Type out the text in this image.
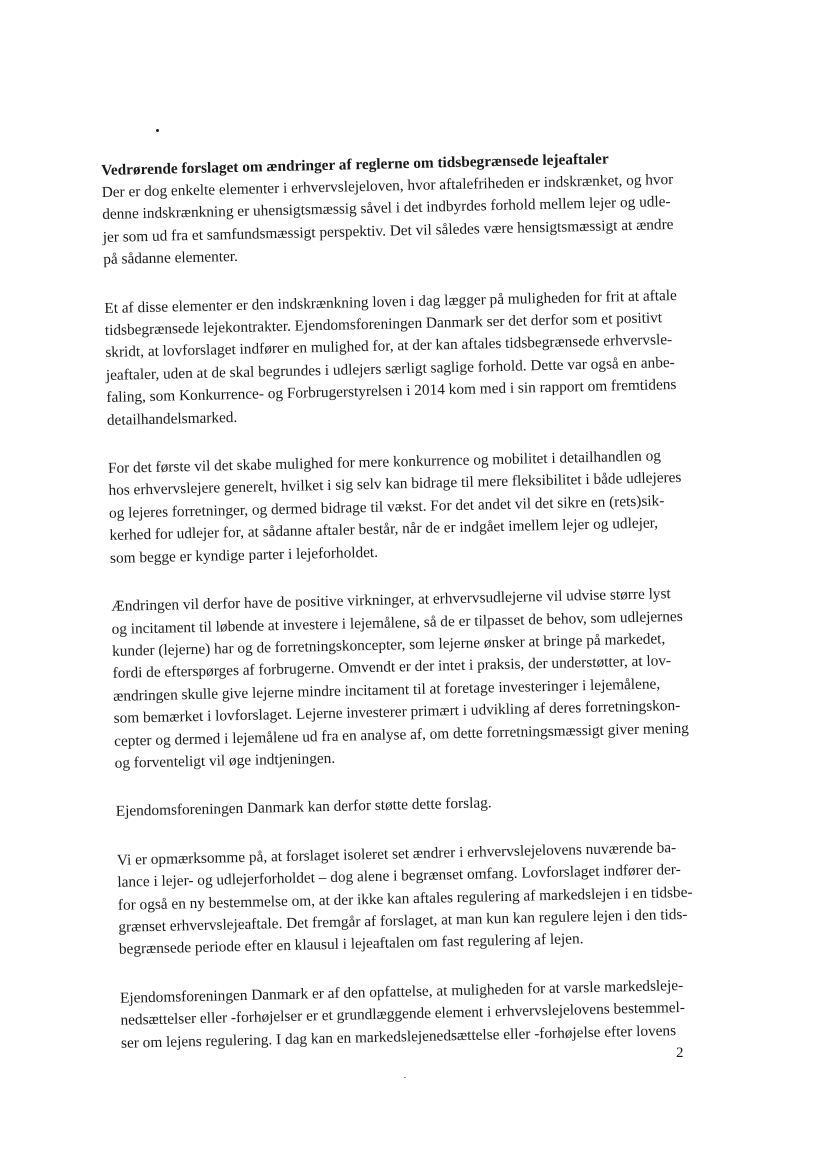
Vedrørende forslaget om ændringer af reglerne om tidsbegrænsede lejeaftaler
Der er dog enkelte elementer i erhvervslejeloven, hvor aftalefriheden er indskrænket, og hvor
denne indskrænkning er uhensigtsmæssig såvel i det indbyrdes forhold mellem lejer og udle-
jer som ud fra et samfundsmæssigt perspektiv. Det vil således være hensigtsmæssigt at ændre
på sådanne elementer.
Et af disse elementer er den indskrænkning loven i dag lægger på muligheden for frit at aftale
tidsbegrænsede lejekontrakter. Ejendomsforeningen Danmark ser det derfor som et positivt
skridt, at lovforslaget indfører en mulighed for, at der kan aftales tidsbegrænsede erhvervsle-
jeaftaler, uden at de skal begrundes i udlejers særligt saglige forhold. Dette var også en anbe-
faling, som Konkurrence- og Forbrugerstyrelsen i 2014 kom med i sin rapport om fremtidens
detailhandelsmarked.
For det første vil det skabe mulighed for mere konkurrence og mobilitet i detailhandlen og
hos erhvervslejere generelt, hvilket i sig selv kan bidrage til mere fleksibilitet i både udlejeres
og lejeres forretninger, og dermed bidrage til vækst. For det andet vil det sikre en (rets)sik-
kerhed for udlejer for, at sådanne aftaler består, når de er indgået imellem lejer og udlejer,
som begge er kyndige parter i lejeforholdet.
Ændringen vil derfor have de positive virkninger, at erhvervsudlejerne vil udvise større lyst
og incitament til løbende at investere i lejemålene, så de er tilpasset de behov, som udlejernes
kunder (lejerne) har og de forretningskoncepter, som lejerne ønsker at bringe på markedet,
fordi de efterspørges af forbrugerne. Omvendt er der intet i praksis, der understøtter, at lov-
ændringen skulle give lejerne mindre incitament til at foretage investeringer i lejemålene,
som bemærket i lovforslaget. Lejerne investerer primært i udvikling af deres forretningskon-
cepter og dermed i lejemålene ud fra en analyse af, om dette forretningsmæssigt giver mening
og forventeligt vil øge indtjeningen.
Ejendomsforeningen Danmark kan derfor støtte dette forslag.
Vi er opmærksomme på, at forslaget isoleret set ændrer i erhvervslejelovens nuværende ba-
lance i lejer- og udlejerforholdet – dog alene i begrænset omfang. Lovforslaget indfører der-
for også en ny bestemmelse om, at der ikke kan aftales regulering af markedslejen i en tidsbe-
grænset erhvervslejeaftale. Det fremgår af forslaget, at man kun kan regulere lejen i den tids-
begrænsede periode efter en klausul i lejeaftalen om fast regulering af lejen.
Ejendomsforeningen Danmark er af den opfattelse, at muligheden for at varsle markedsleje-
nedsættelser eller -forhøjelser er et grundlæggende element i erhvervslejelovens bestemmel-
ser om lejens regulering. I dag kan en markedslejenedsættelse eller -forhøjelse efter lovens
2
